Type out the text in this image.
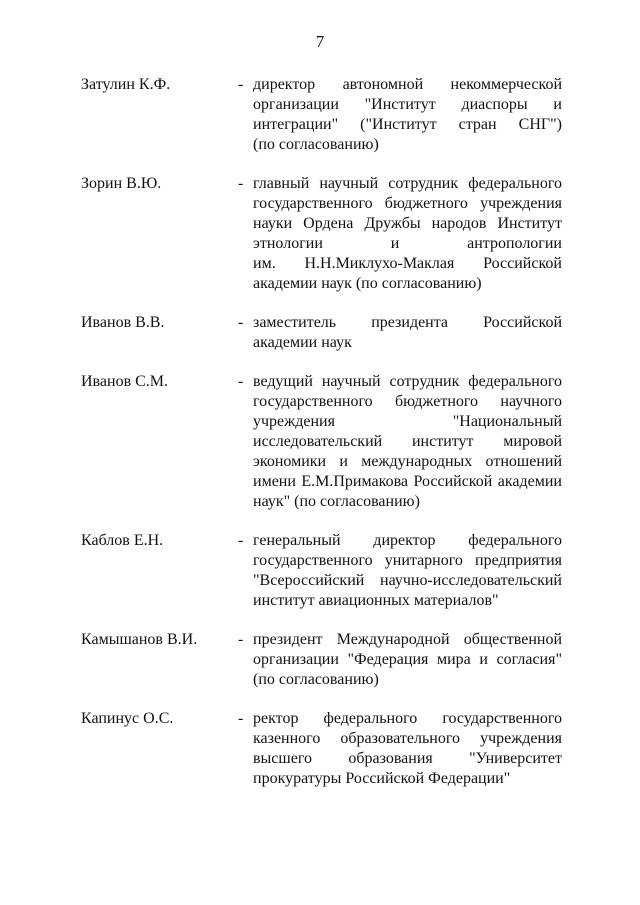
7
Затулин К.Ф.	- директор автономной некоммерческой
организации "Институт диаспоры и
интеграции" ("Институт стран СНГ")
(по согласованию)
Зорин В.Ю.	- главный научный сотрудник федерального
государственного бюджетного учреждения
науки Ордена Дружбы народов Институт
этнологии и антропологии
им. Н.Н.Миклухо-Маклая Российской
академии наук (по согласованию)
Иванов В.В.	- заместитель президента Российской
академии наук
Иванов С.М.	- ведущий научный сотрудник федерального
государственного бюджетного научного
учреждения "Национальный
исследовательский институт мировой
экономики и международных отношений
имени Е.М.Примакова Российской академии
наук" (по согласованию)
Каблов Е.Н.	- генеральный директор федерального
государственного унитарного предприятия
"Всероссийский научно-исследовательский
институт авиационных материалов"
Камышанов В.И.	- президент Международной общественной
организации "Федерация мира и согласия"
(по согласованию)
Капинус О.С.	- ректор федерального государственного
казенного образовательного учреждения
высшего образования "Университет
прокуратуры Российской Федерации"
